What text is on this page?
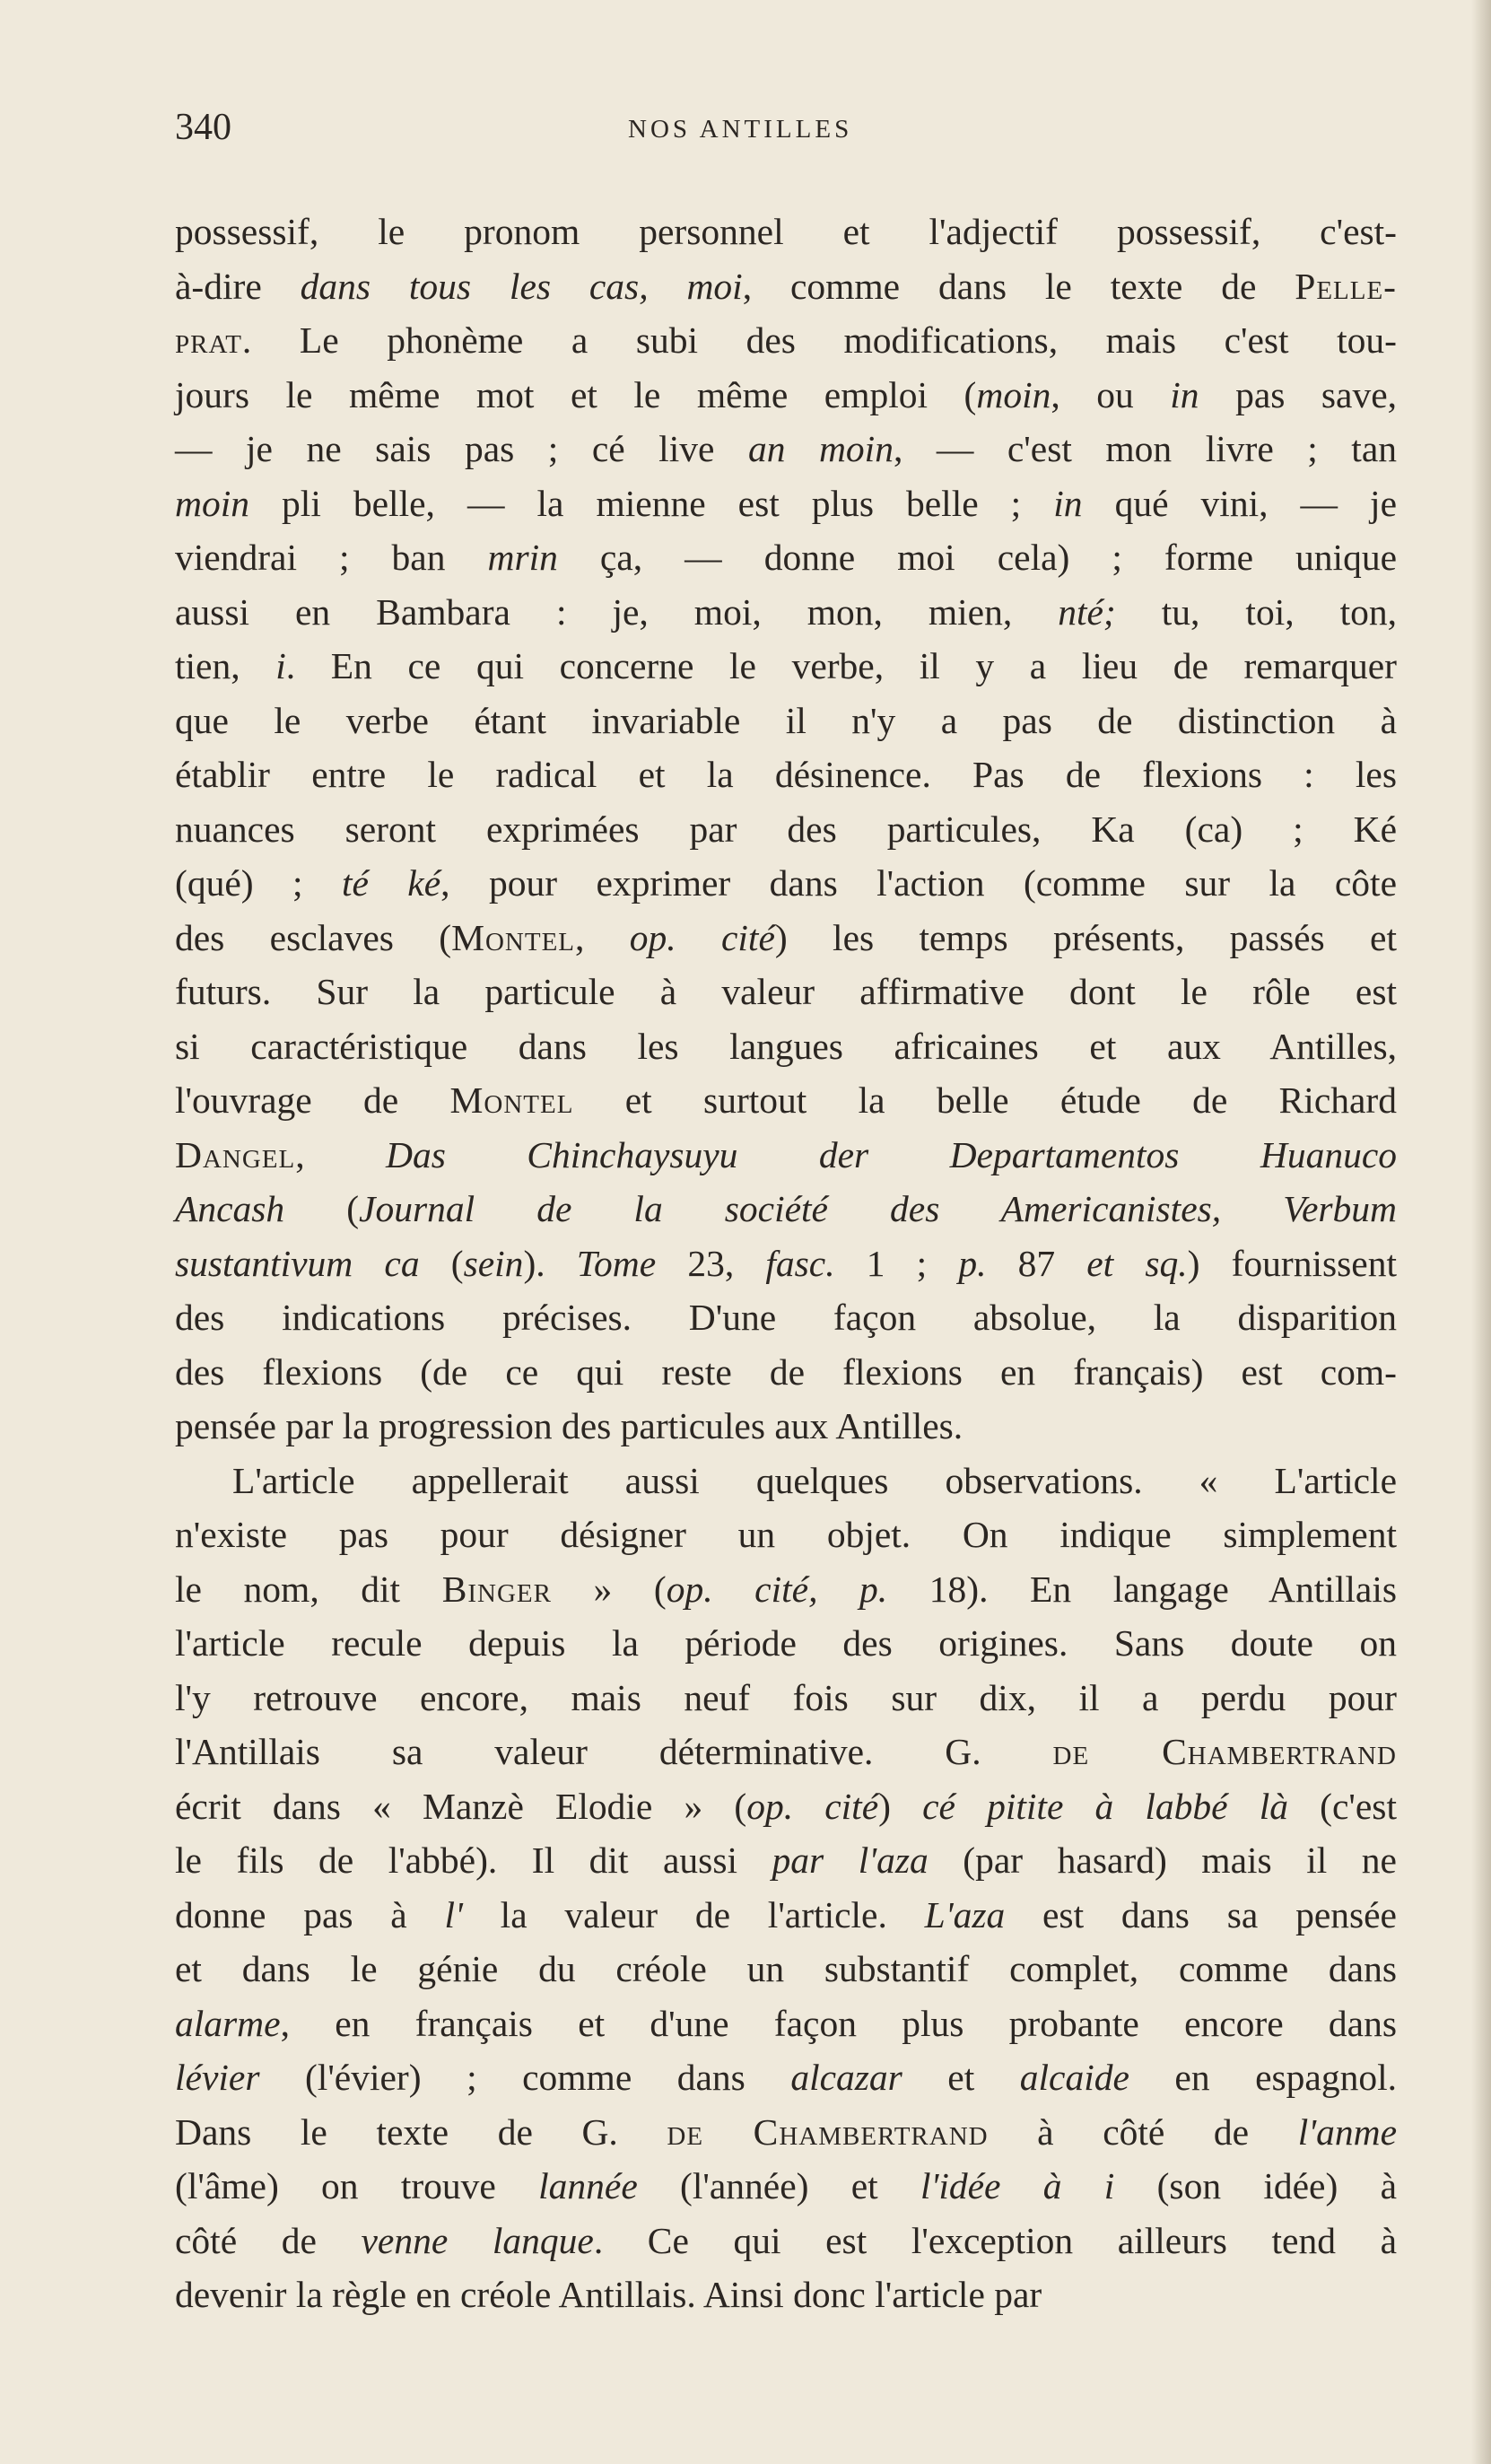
340	NOS ANTILLES
possessif, le pronom personnel et l'adjectif possessif, c'est-
à-dire dans tous les cas, moi, comme dans le texte de Pelle-
prat. Le phonème a subi des modifications, mais c'est tou-
jours le même mot et le même emploi (moin, ou in pas save,
— je ne sais pas ; cé live an moin, — c'est mon livre ; tan
moin pli belle, — la mienne est plus belle ; in qué vini, — je
viendrai ; ban mrin ça, — donne moi cela) ; forme unique
aussi en Bambara : je, moi, mon, mien, nté; tu, toi, ton,
tien, i. En ce qui concerne le verbe, il y a lieu de remarquer
que le verbe étant invariable il n'y a pas de distinction à
établir entre le radical et la désinence. Pas de flexions : les
nuances seront exprimées par des particules, Ka (ca) ; Ké
(qué) ; té ké, pour exprimer dans l'action (comme sur la côte
des esclaves (Montel, op. cité) les temps présents, passés et
futurs. Sur la particule à valeur affirmative dont le rôle est
si caractéristique dans les langues africaines et aux Antilles,
l'ouvrage de Montel et surtout la belle étude de Richard
Dangel, Das Chinchaysuyu der Departamentos Huanuco
Ancash (Journal de la société des Americanistes, Verbum
sustantivum ca (sein). Tome 23, fasc. 1 ; p. 87 et sq.) fournissent
des indications précises. D'une façon absolue, la disparition
des flexions (de ce qui reste de flexions en français) est com-
pensée par la progression des particules aux Antilles.
L'article appellerait aussi quelques observations. « L'article
n'existe pas pour désigner un objet. On indique simplement
le nom, dit Binger » (op. cité, p. 18). En langage Antillais
l'article recule depuis la période des origines. Sans doute on
l'y retrouve encore, mais neuf fois sur dix, il a perdu pour
l'Antillais sa valeur déterminative. G. de Chambertrand
écrit dans « Manzè Elodie » (op. cité) cé pitite à labbé là (c'est
le fils de l'abbé). Il dit aussi par l'aza (par hasard) mais il ne
donne pas à l' la valeur de l'article. L'aza est dans sa pensée
et dans le génie du créole un substantif complet, comme dans
alarme, en français et d'une façon plus probante encore dans
lévier (l'évier) ; comme dans alcazar et alcaide en espagnol.
Dans le texte de G. de Chambertrand à côté de l'anme
(l'âme) on trouve lannée (l'année) et l'idée à i (son idée) à
côté de venne lanque. Ce qui est l'exception ailleurs tend à
devenir la règle en créole Antillais. Ainsi donc l'article par
